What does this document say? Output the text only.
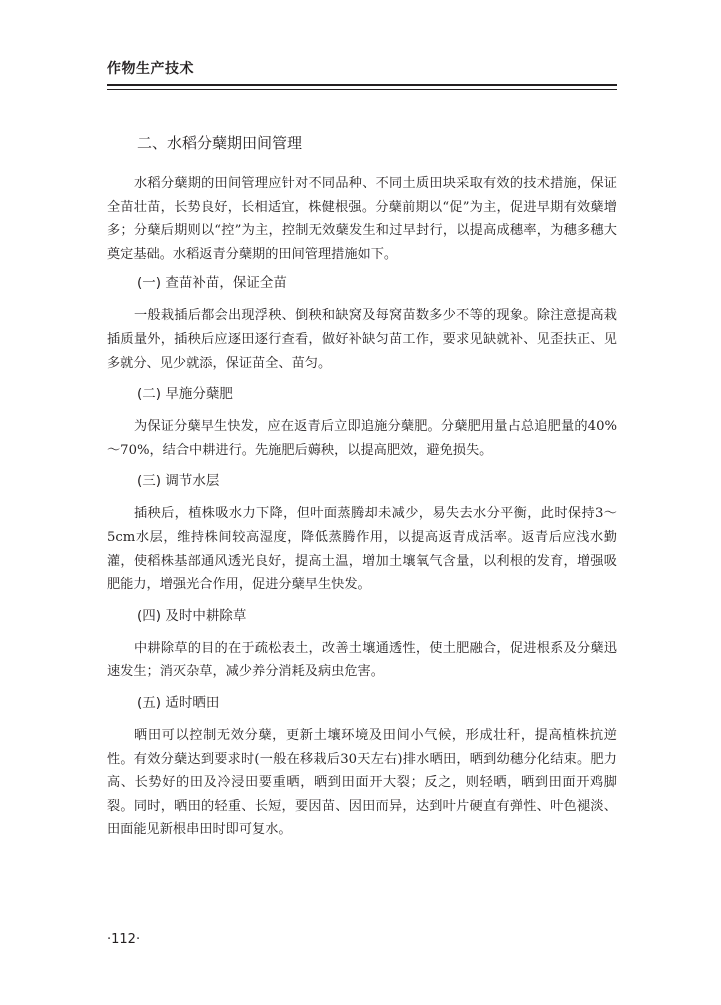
作物生产技术
二、水稻分蘖期田间管理

水稻分蘖期的田间管理应针对不同品种、不同土质田块采取有效的技术措施，保证全苗壮苗，长势良好，长相适宜，株健根强。分蘖前期以“促”为主，促进早期有效蘖增多；分蘖后期则以“控”为主，控制无效蘖发生和过早封行，以提高成穗率，为穗多穗大奠定基础。水稻返青分蘖期的田间管理措施如下。

(一) 查苗补苗，保证全苗

一般栽插后都会出现浮秧、倒秧和缺窝及每窝苗数多少不等的现象。除注意提高栽插质量外，插秧后应逐田逐行查看，做好补缺匀苗工作，要求见缺就补、见歪扶正、见多就分、见少就添，保证苗全、苗匀。

(二) 早施分蘖肥

为保证分蘖早生快发，应在返青后立即追施分蘖肥。分蘖肥用量占总追肥量的40%～70%，结合中耕进行。先施肥后薅秧，以提高肥效，避免损失。

(三) 调节水层

插秧后，植株吸水力下降，但叶面蒸腾却未减少，易失去水分平衡，此时保持3～5cm水层，维持株间较高湿度，降低蒸腾作用，以提高返青成活率。返青后应浅水勤灌，使稻株基部通风透光良好，提高土温，增加土壤氧气含量，以利根的发育，增强吸肥能力，增强光合作用，促进分蘖早生快发。

(四) 及时中耕除草

中耕除草的目的在于疏松表土，改善土壤通透性，使土肥融合，促进根系及分蘖迅速发生；消灭杂草，减少养分消耗及病虫危害。

(五) 适时晒田

晒田可以控制无效分蘖，更新土壤环境及田间小气候，形成壮秆，提高植株抗逆性。有效分蘖达到要求时(一般在移栽后30天左右)排水晒田，晒到幼穗分化结束。肥力高、长势好的田及冷浸田要重晒，晒到田面开大裂；反之，则轻晒，晒到田面开鸡脚裂。同时，晒田的轻重、长短，要因苗、因田而异，达到叶片硬直有弹性、叶色褪淡、田面能见新根串田时即可复水。

·112·
